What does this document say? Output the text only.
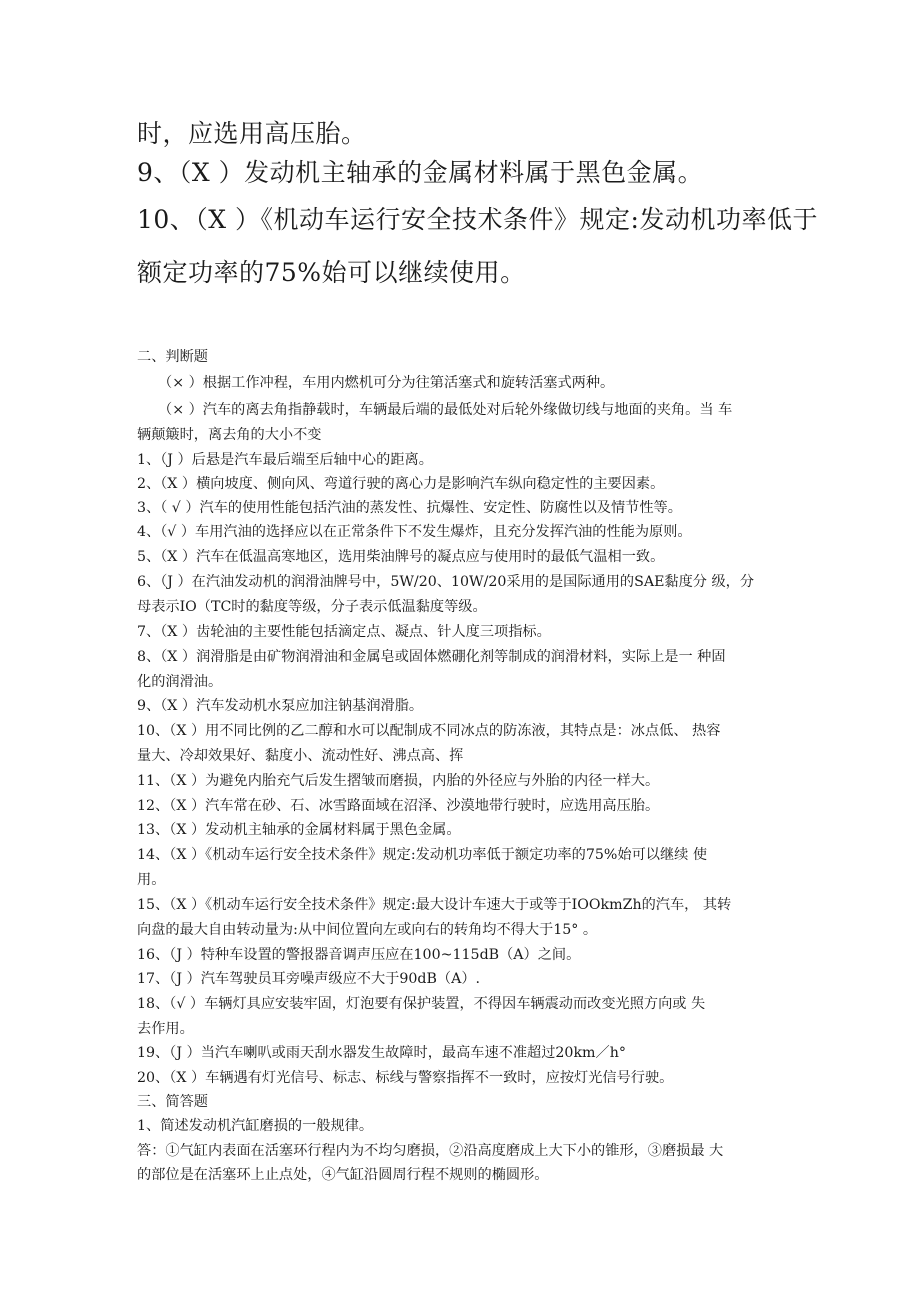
时，应选用高压胎。
9、（X ）发动机主轴承的金属材料属于黑色金属。
10、（X ）《机动车运行安全技术条件》规定:发动机功率低于
额定功率的75%始可以继续使用。
二、判断题
（× ）根据工作冲程，车用内燃机可分为往第活塞式和旋转活塞式两种。
（× ）汽车的离去角指静载时，车辆最后端的最低处对后轮外缘做切线与地面的夹角。当 车
辆颠簸时，离去角的大小不变
1、（J ）后悬是汽车最后端至后轴中心的距离。
2、（X ）横向坡度、侧向风、弯道行驶的离心力是影响汽车纵向稳定性的主要因素。
3、（ √ ）汽车的使用性能包括汽油的蒸发性、抗爆性、安定性、防腐性以及情节性等。
4、（√ ）车用汽油的选择应以在正常条件下不发生爆炸，且充分发挥汽油的性能为原则。
5、（X ）汽车在低温高寒地区，选用柴油牌号的凝点应与使用时的最低气温相一致。
6、（J ）在汽油发动机的润滑油牌号中，5W/20、10W/20采用的是国际通用的SAE黏度分 级，分
母表示IO（TC时的黏度等级，分子表示低温黏度等级。
7、（X ）齿轮油的主要性能包括滴定点、凝点、针人度三项指标。
8、（X ）润滑脂是由矿物润滑油和金属皂或固体燃硼化剂等制成的润滑材料，实际上是一 种固
化的润滑油。
9、（X ）汽车发动机水泵应加注钠基润滑脂。
10、（X ）用不同比例的乙二醇和水可以配制成不同冰点的防冻液，其特点是：冰点低、 热容
量大、冷却效果好、黏度小、流动性好、沸点高、挥
11、（X ）为避免内胎充气后发生摺皱而磨损，内胎的外径应与外胎的内径一样大。
12、（X ）汽车常在砂、石、冰雪路面域在沼泽、沙漠地带行驶时，应选用高压胎。
13、（X ）发动机主轴承的金属材料属于黑色金属。
14、（X ）《机动车运行安全技术条件》规定:发动机功率低于额定功率的75%始可以继续 使
用。
15、（X ）《机动车运行安全技术条件》规定:最大设计车速大于或等于IOOkmZh的汽车， 其转
向盘的最大自由转动量为:从中间位置向左或向右的转角均不得大于15° 。
16、（J ）特种车设置的警报器音调声压应在100~115dB（A）之间。
17、（J ）汽车驾驶员耳旁噪声级应不大于90dB（A）.
18、（√ ）车辆灯具应安装牢固，灯泡要有保护装置，不得因车辆震动而改变光照方向或 失
去作用。
19、（J ）当汽车喇叭或雨天刮水器发生故障时，最高车速不准超过20km／h°
20、（X ）车辆遇有灯光信号、标志、标线与警察指挥不一致时，应按灯光信号行驶。
三、简答题
1、简述发动机汽缸磨损的一般规律。
答：①气缸内表面在活塞环行程内为不均匀磨损，②沿高度磨成上大下小的锥形，③磨损最 大
的部位是在活塞环上止点处，④气缸沿圆周行程不规则的椭圆形。
